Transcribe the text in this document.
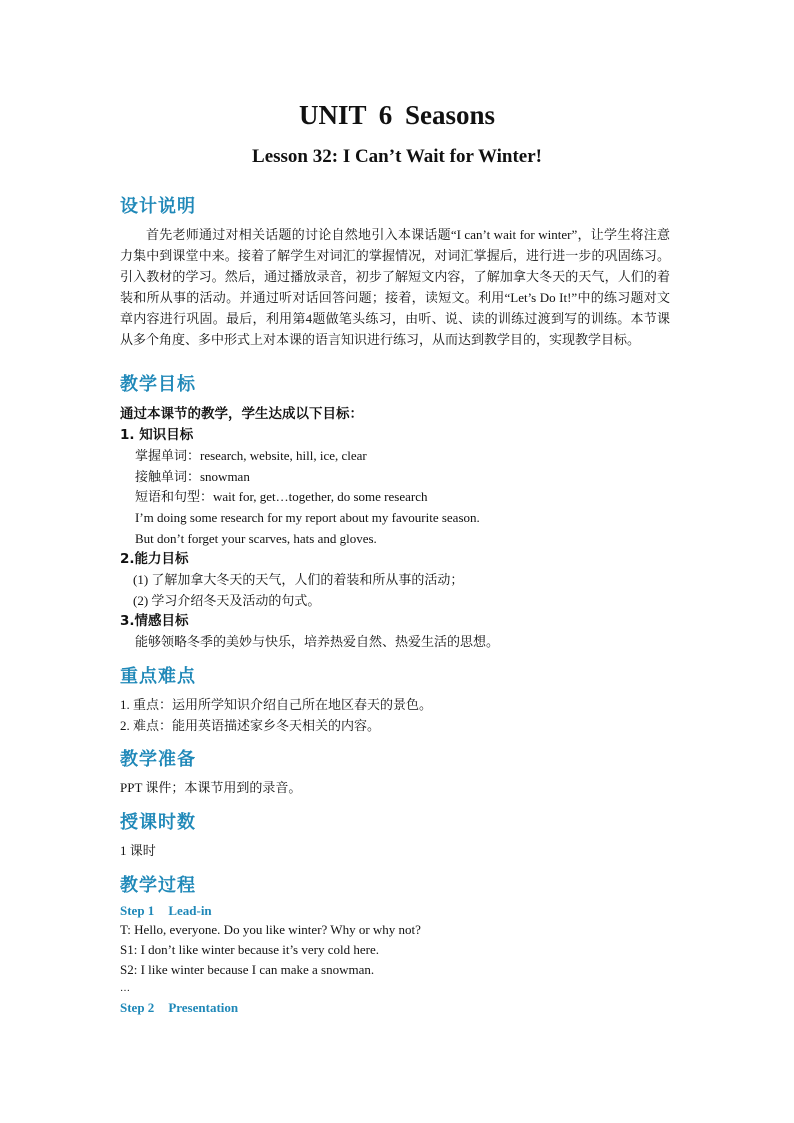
UNIT 6 Seasons
Lesson 32: I Can’t Wait for Winter!
设计说明

首先老师通过对相关话题的讨论自然地引入本课话题“I can’t wait for winter”，让学生将注意力集中到课堂中来。接着了解学生对词汇的掌握情况，对词汇掌握后，进行进一步的巩固练习。引入教材的学习。然后，通过播放录音，初步了解短文内容，了解加拿大冬天的天气，人们的着装和所从事的活动。并通过听对话回答问题；接着，读短文。利用“Let’s Do It!”中的练习题对文章内容进行巩固。最后，利用第4题做笔头练习，由听、说、读的训练过渡到写的训练。本节课从多个角度、多中形式上对本课的语言知识进行练习，从而达到教学目的，实现教学目标。

教学目标
通过本课节的教学，学生达成以下目标：
1. 知识目标
掌握单词：research, website, hill, ice, clear
接触单词：snowman
短语和句型：wait for, get…together, do some research
I’m doing some research for my report about my favourite season.
But don’t forget your scarves, hats and gloves.
2.能力目标
(1) 了解加拿大冬天的天气，人们的着装和所从事的活动；
(2) 学习介绍冬天及活动的句式。
3.情感目标
能够领略冬季的美妙与快乐，培养热爱自然、热爱生活的思想。
重点难点
1. 重点：运用所学知识介绍自己所在地区春天的景色。
2. 难点：能用英语描述家乡冬天相关的内容。
教学准备
PPT 课件；本课节用到的录音。
授课时数
1 课时
教学过程
Step 1 Lead-in
T: Hello, everyone. Do you like winter? Why or why not?
S1: I don’t like winter because it’s very cold here.
S2: I like winter because I can make a snowman.
…
Step 2 Presentation
